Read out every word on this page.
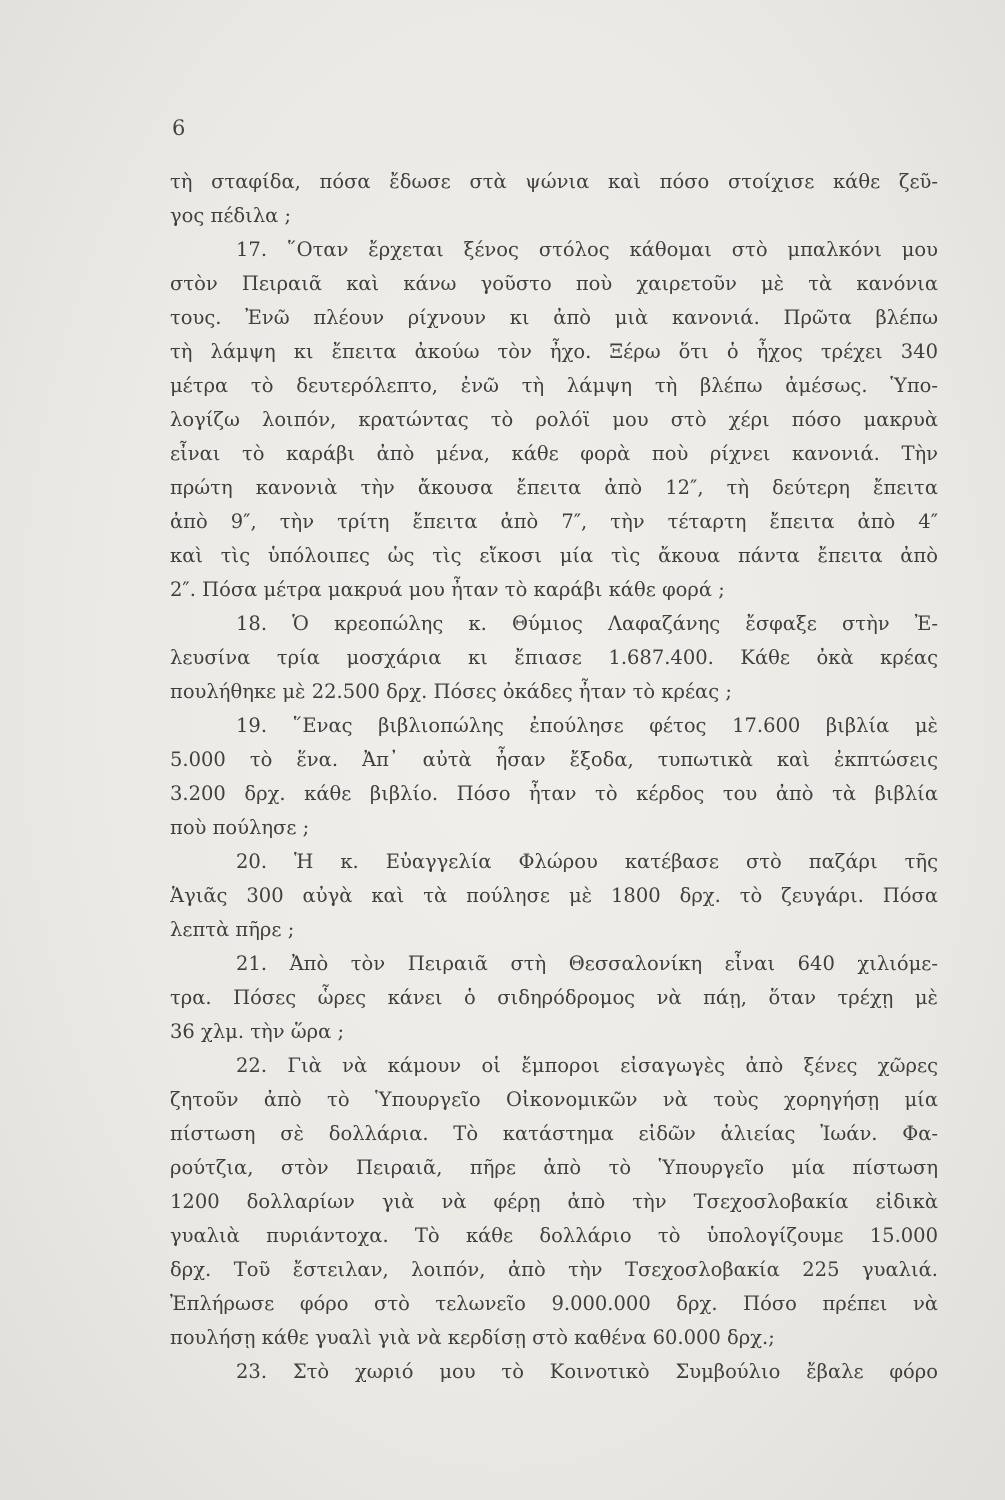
6
τὴ σταφίδα, πόσα ἔδωσε στὰ ψώνια καὶ πόσο στοίχισε κάθε ζεῦ-
γος πέδιλα ;
17. ῞Οταν ἔρχεται ξένος στόλος κάθομαι στὸ μπαλκόνι μου
στὸν Πειραιᾶ καὶ κάνω γοῦστο ποὺ χαιρετοῦν μὲ τὰ κανόνια
τους. Ἐνῶ πλέουν ρίχνουν κι ἀπὸ μιὰ κανονιά. Πρῶτα βλέπω
τὴ λάμψη κι ἔπειτα ἀκούω τὸν ἦχο. Ξέρω ὅτι ὁ ἦχος τρέχει 340
μέτρα τὸ δευτερόλεπτο, ἐνῶ τὴ λάμψη τὴ βλέπω ἀμέσως. Ὑπο-
λογίζω λοιπόν, κρατώντας τὸ ρολόϊ μου στὸ χέρι πόσο μακρυὰ
εἶναι τὸ καράβι ἀπὸ μένα, κάθε φορὰ ποὺ ρίχνει κανονιά. Τὴν
πρώτη κανονιὰ τὴν ἄκουσα ἔπειτα ἀπὸ 12″, τὴ δεύτερη ἔπειτα
ἀπὸ 9″, τὴν τρίτη ἔπειτα ἀπὸ 7″, τὴν τέταρτη ἔπειτα ἀπὸ 4″
καὶ τὶς ὑπόλοιπες ὡς τὶς εἴκοσι μία τὶς ἄκουα πάντα ἔπειτα ἀπὸ
2″. Πόσα μέτρα μακρυά μου ἦταν τὸ καράβι κάθε φορά ;
18. Ὁ κρεοπώλης κ. Θύμιος Λαφαζάνης ἔσφαξε στὴν Ἐ-
λευσίνα τρία μοσχάρια κι ἔπιασε 1.687.400. Κάθε ὀκὰ κρέας
πουλήθηκε μὲ 22.500 δρχ. Πόσες ὀκάδες ἦταν τὸ κρέας ;
19. ῞Ενας βιβλιοπώλης ἐπούλησε φέτος 17.600 βιβλία μὲ
5.000 τὸ ἕνα. Ἀπ᾽ αὐτὰ ἦσαν ἔξοδα, τυπωτικὰ καὶ ἐκπτώσεις
3.200 δρχ. κάθε βιβλίο. Πόσο ἦταν τὸ κέρδος του ἀπὸ τὰ βιβλία
ποὺ πούλησε ;
20. Ἡ κ. Εὐαγγελία Φλώρου κατέβασε στὸ παζάρι τῆς
Ἁγιᾶς 300 αὐγὰ καὶ τὰ πούλησε μὲ 1800 δρχ. τὸ ζευγάρι. Πόσα
λεπτὰ πῆρε ;
21. Ἀπὸ τὸν Πειραιᾶ στὴ Θεσσαλονίκη εἶναι 640 χιλιόμε-
τρα. Πόσες ὧρες κάνει ὁ σιδηρόδρομος νὰ πάῃ, ὅταν τρέχῃ μὲ
36 χλμ. τὴν ὥρα ;
22. Γιὰ νὰ κάμουν οἱ ἔμποροι εἰσαγωγὲς ἀπὸ ξένες χῶρες
ζητοῦν ἀπὸ τὸ Ὑπουργεῖο Οἰκονομικῶν νὰ τοὺς χορηγήσῃ μία
πίστωση σὲ δολλάρια. Τὸ κατάστημα εἰδῶν ἁλιείας Ἰωάν. Φα-
ρούτζια, στὸν Πειραιᾶ, πῆρε ἀπὸ τὸ Ὑπουργεῖο μία πίστωση
1200 δολλαρίων γιὰ νὰ φέρῃ ἀπὸ τὴν Τσεχοσλοβακία εἰδικὰ
γυαλιὰ πυριάντοχα. Τὸ κάθε δολλάριο τὸ ὑπολογίζουμε 15.000
δρχ. Τοῦ ἔστειλαν, λοιπόν, ἀπὸ τὴν Τσεχοσλοβακία 225 γυαλιά.
Ἐπλήρωσε φόρο στὸ τελωνεῖο 9.000.000 δρχ. Πόσο πρέπει νὰ
πουλήσῃ κάθε γυαλὶ γιὰ νὰ κερδίσῃ στὸ καθένα 60.000 δρχ.;
23. Στὸ χωριό μου τὸ Κοινοτικὸ Συμβούλιο ἔβαλε φόρο
